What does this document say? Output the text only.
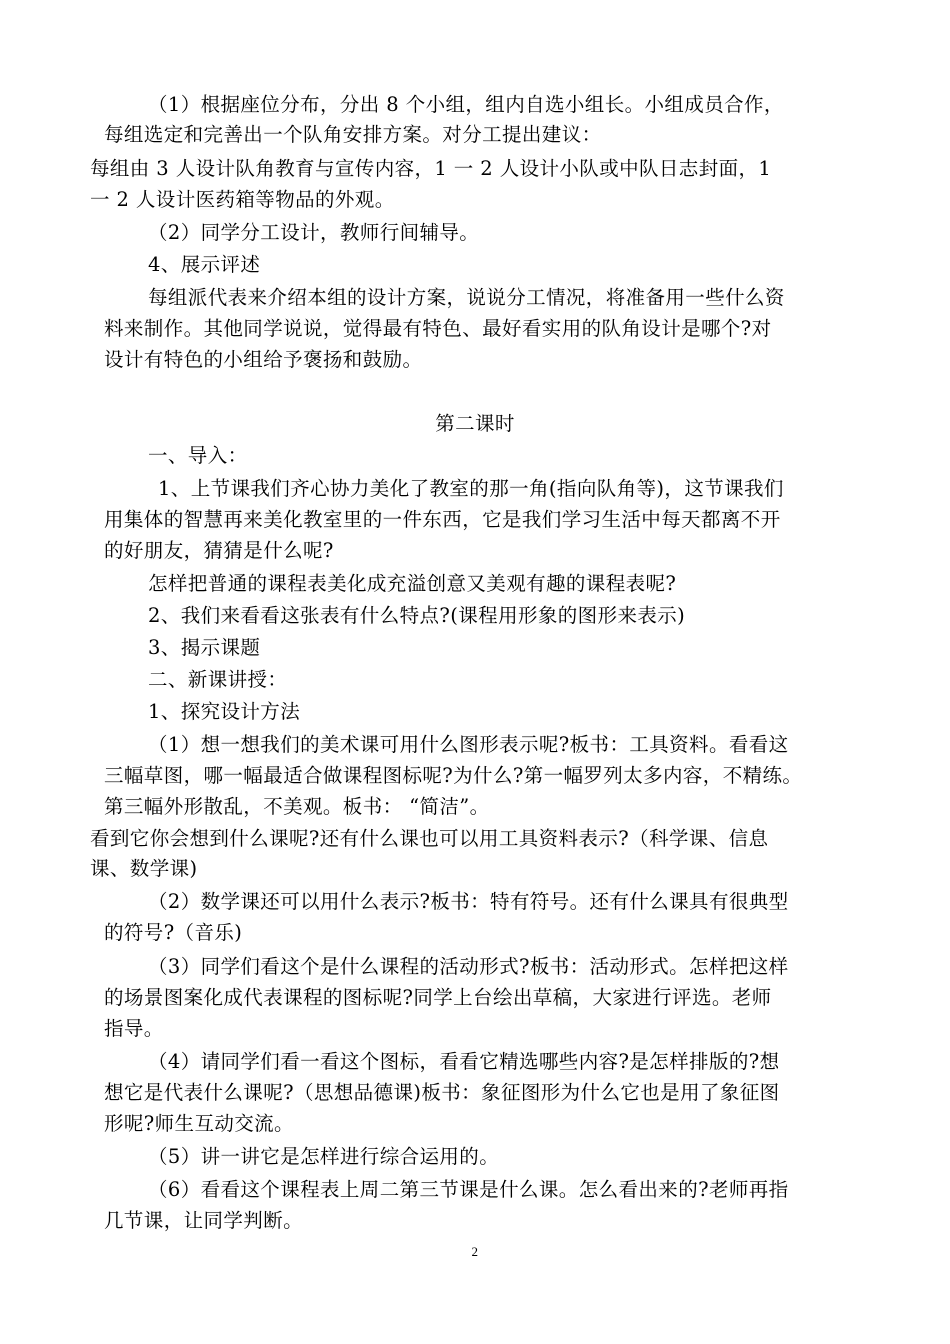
（1）根据座位分布，分出 8 个小组，组内自选小组长。小组成员合作，
每组选定和完善出一个队角安排方案。对分工提出建议：
每组由 3 人设计队角教育与宣传内容，1 一 2 人设计小队或中队日志封面，1
一 2 人设计医药箱等物品的外观。
（2）同学分工设计，教师行间辅导。
4、展示评述
每组派代表来介绍本组的设计方案，说说分工情况，将准备用一些什么资
料来制作。其他同学说说，觉得最有特色、最好看实用的队角设计是哪个?对
设计有特色的小组给予褒扬和鼓励。
第二课时
一、导入：
1、上节课我们齐心协力美化了教室的那一角(指向队角等)，这节课我们
用集体的智慧再来美化教室里的一件东西，它是我们学习生活中每天都离不开
的好朋友，猜猜是什么呢?
怎样把普通的课程表美化成充溢创意又美观有趣的课程表呢?
2、我们来看看这张表有什么特点?(课程用形象的图形来表示)
3、揭示课题
二、新课讲授：
1、探究设计方法
（1）想一想我们的美术课可用什么图形表示呢?板书：工具资料。看看这
三幅草图，哪一幅最适合做课程图标呢?为什么?第一幅罗列太多内容，不精练。
第三幅外形散乱，不美观。板书： “简洁”。
看到它你会想到什么课呢?还有什么课也可以用工具资料表示?（科学课、信息
课、数学课)
（2）数学课还可以用什么表示?板书：特有符号。还有什么课具有很典型
的符号?（音乐)
（3）同学们看这个是什么课程的活动形式?板书：活动形式。怎样把这样
的场景图案化成代表课程的图标呢?同学上台绘出草稿，大家进行评选。老师
指导。
（4）请同学们看一看这个图标，看看它精选哪些内容?是怎样排版的?想
想它是代表什么课呢?（思想品德课)板书：象征图形为什么它也是用了象征图
形呢?师生互动交流。
（5）讲一讲它是怎样进行综合运用的。
（6）看看这个课程表上周二第三节课是什么课。怎么看出来的?老师再指
几节课，让同学判断。
2
